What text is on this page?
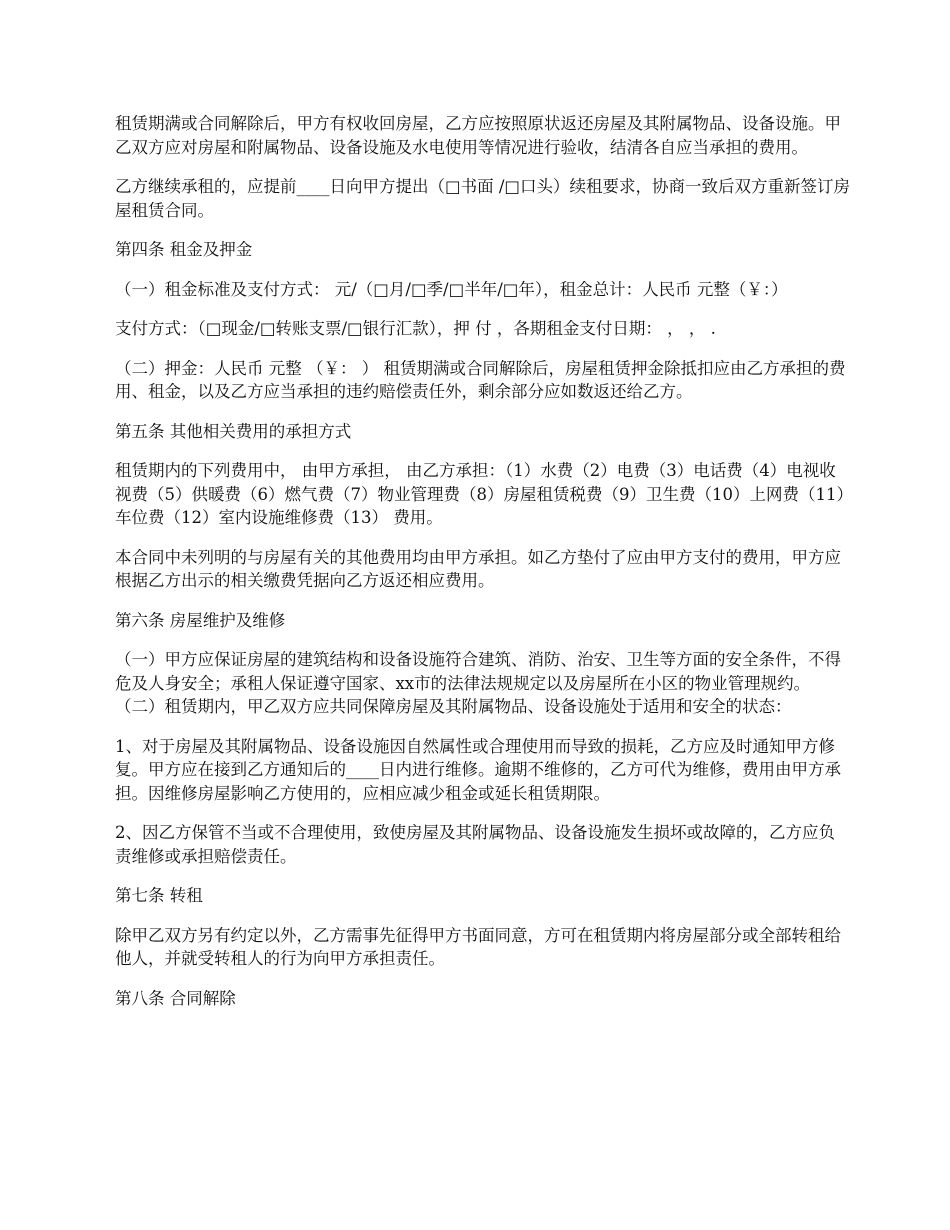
租赁期满或合同解除后，甲方有权收回房屋，乙方应按照原状返还房屋及其附属物品、设备设施。甲乙双方应对房屋和附属物品、设备设施及水电使用等情况进行验收，结清各自应当承担的费用。

乙方继续承租的，应提前____日向甲方提出（□书面 /□口头）续租要求，协商一致后双方重新签订房屋租赁合同。

第四条 租金及押金

（一）租金标准及支付方式： 元/（□月/□季/□半年/□年），租金总计：人民币 元整（￥：）

支付方式：（□现金/□转账支票/□银行汇款），押 付 ，各期租金支付日期： ， ， .

（二）押金：人民币 元整 （￥： ） 租赁期满或合同解除后，房屋租赁押金除抵扣应由乙方承担的费用、租金，以及乙方应当承担的违约赔偿责任外，剩余部分应如数返还给乙方。

第五条 其他相关费用的承担方式

租赁期内的下列费用中， 由甲方承担， 由乙方承担：（1）水费（2）电费（3）电话费（4）电视收视费（5）供暖费（6）燃气费（7）物业管理费（8）房屋租赁税费（9）卫生费（10）上网费（11）车位费（12）室内设施维修费（13） 费用。

本合同中未列明的与房屋有关的其他费用均由甲方承担。如乙方垫付了应由甲方支付的费用，甲方应根据乙方出示的相关缴费凭据向乙方返还相应费用。

第六条 房屋维护及维修

（一）甲方应保证房屋的建筑结构和设备设施符合建筑、消防、治安、卫生等方面的安全条件，不得危及人身安全；承租人保证遵守国家、xx市的法律法规规定以及房屋所在小区的物业管理规约。 （二）租赁期内，甲乙双方应共同保障房屋及其附属物品、设备设施处于适用和安全的状态：

1、对于房屋及其附属物品、设备设施因自然属性或合理使用而导致的损耗，乙方应及时通知甲方修复。甲方应在接到乙方通知后的____日内进行维修。逾期不维修的，乙方可代为维修，费用由甲方承担。因维修房屋影响乙方使用的，应相应减少租金或延长租赁期限。

2、因乙方保管不当或不合理使用，致使房屋及其附属物品、设备设施发生损坏或故障的，乙方应负责维修或承担赔偿责任。

第七条 转租

除甲乙双方另有约定以外，乙方需事先征得甲方书面同意，方可在租赁期内将房屋部分或全部转租给他人，并就受转租人的行为向甲方承担责任。

第八条 合同解除
